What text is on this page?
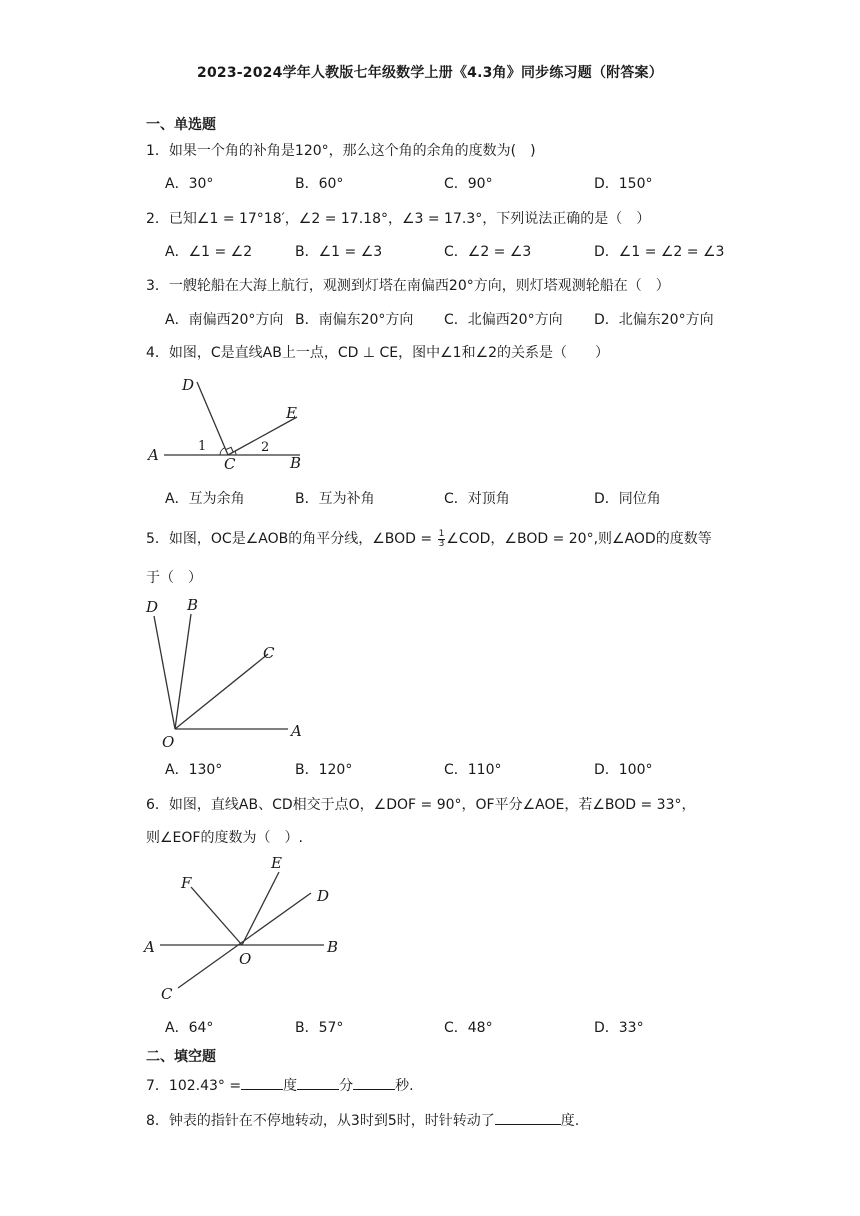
2023-2024学年人教版七年级数学上册《4.3角》同步练习题（附答案）
一、单选题
1．如果一个角的补角是120°，那么这个角的余角的度数为(　)
A．30°	B．60°	C．90°	D．150°
2．已知∠1 = 17°18′，∠2 = 17.18°，∠3 = 17.3°，下列说法正确的是（　）
A．∠1 = ∠2	B．∠1 = ∠3	C．∠2 = ∠3	D．∠1 = ∠2 = ∠3
3．一艘轮船在大海上航行，观测到灯塔在南偏西20°方向，则灯塔观测轮船在（　）
A．南偏西20°方向 B．南偏东20°方向 C．北偏西20°方向 D．北偏东20°方向
4．如图，C是直线AB上一点，CD ⊥ CE，图中∠1和∠2的关系是（　　）
A	B
C
D
E
1	2
A．互为余角	B．互为补角	C．对顶角	D．同位角
5．如图，OC是∠AOB的角平分线，∠BOD = $\frac{1}{3}$ ∠COD，∠BOD = 20°,则∠AOD的度数等
于（　）
D B
C
O
A
A．130°	B．120°	C．110°	D．100°
6．如图，直线AB、CD相交于点O，∠DOF = 90°，OF平分∠AOE，若∠BOD = 33°，
则∠EOF的度数为（　）.
F
E
D
A
O
B
C
A．64°	B．57°	C．48°	D．33°
二、填空题
7．102.43° =	度	分	秒.
8．钟表的指针在不停地转动，从3时到5时，时针转动了	度.
